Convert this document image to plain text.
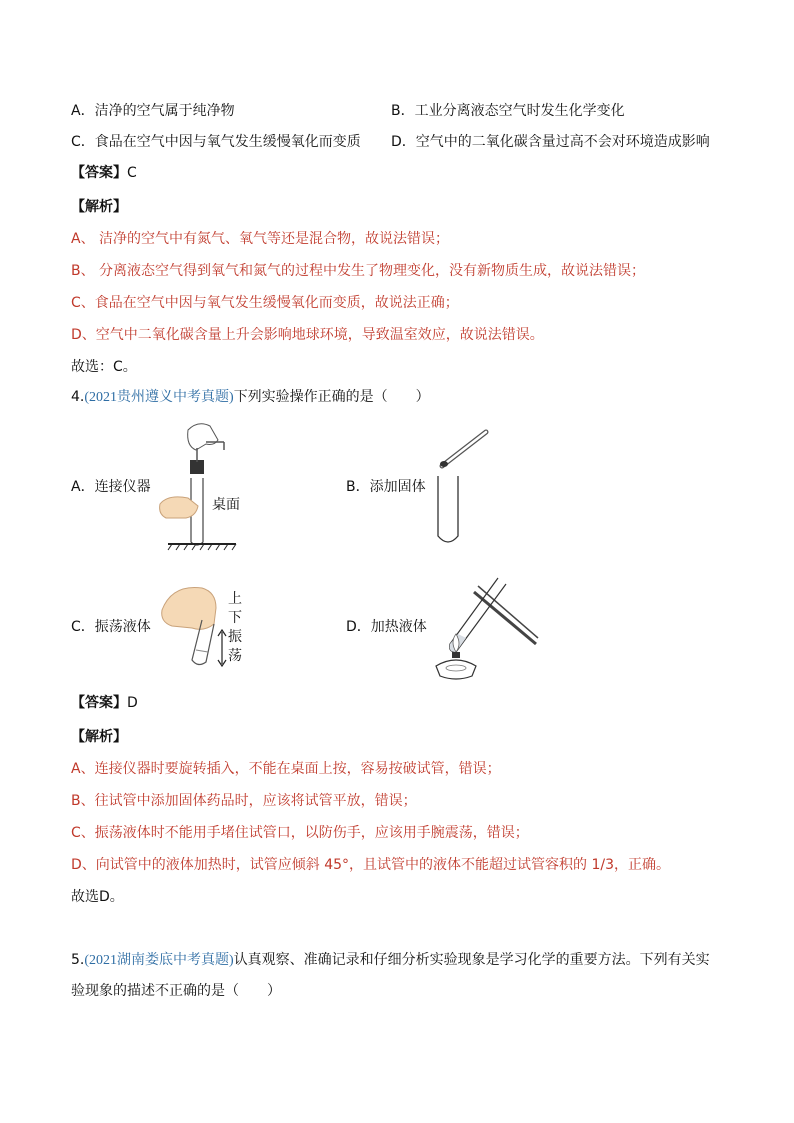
A．洁净的空气属于纯净物	B．工业分离液态空气时发生化学变化
C．食品在空气中因与氧气发生缓慢氧化而变质 D．空气中的二氧化碳含量过高不会对环境造成影响
【答案】C
【解析】
A、 洁净的空气中有氮气、氧气等还是混合物，故说法错误；
B、 分离液态空气得到氧气和氮气的过程中发生了物理变化，没有新物质生成，故说法错误；
C、食品在空气中因与氧气发生缓慢氧化而变质，故说法正确；
D、空气中二氧化碳含量上升会影响地球环境，导致温室效应，故说法错误。
故选：C。
4.(2021贵州遵义中考真题)下列实验操作正确的是（　　）
A．连接仪器
桌面
B．添加固体
C．振荡液体
上
下
振
荡
D．加热液体
【答案】D
【解析】
A、连接仪器时要旋转插入，不能在桌面上按，容易按破试管，错误；
B、往试管中添加固体药品时，应该将试管平放，错误；
C、振荡液体时不能用手堵住试管口，以防伤手，应该用手腕震荡，错误；
D、向试管中的液体加热时，试管应倾斜 45°，且试管中的液体不能超过试管容积的 1/3，正确。
故选D。
5.(2021湖南娄底中考真题)认真观察、准确记录和仔细分析实验现象是学习化学的重要方法。下列有关实
验现象的描述不正确的是（　　）
